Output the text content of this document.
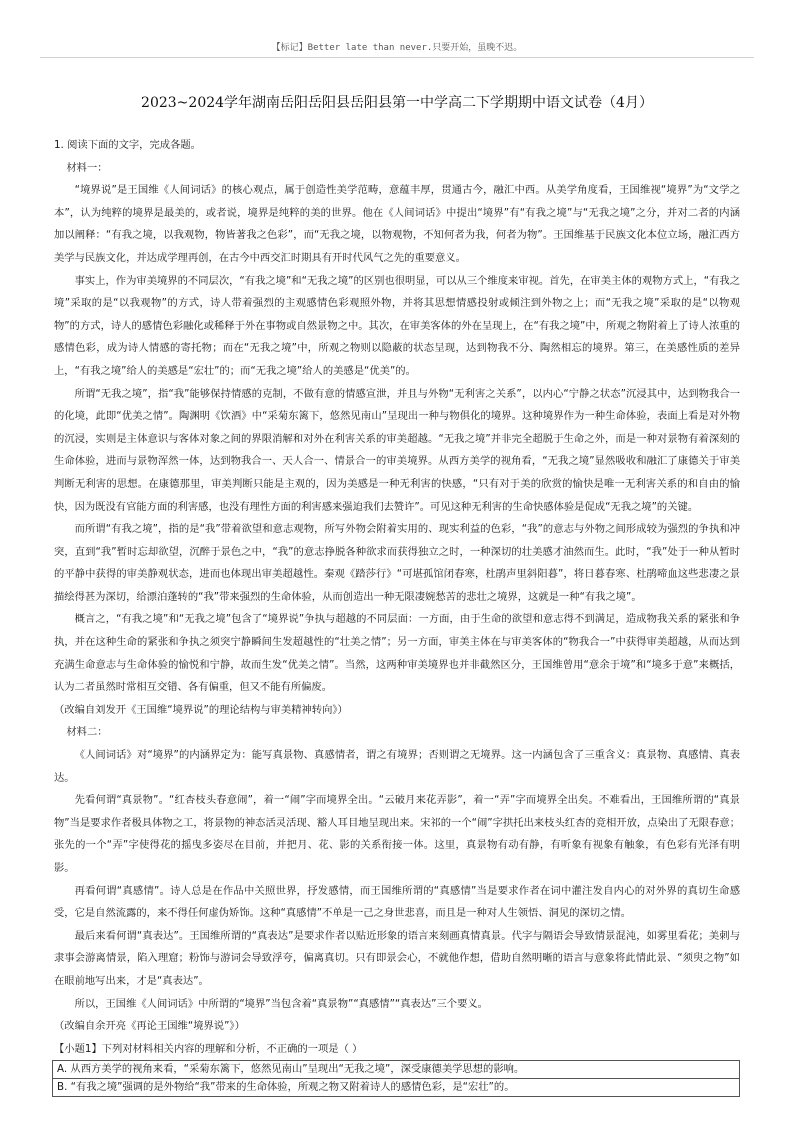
【标记】Better late than never.只要开始，虽晚不迟。
2023~2024学年湖南岳阳岳阳县岳阳县第一中学高二下学期期中语文试卷（4月）

1. 阅读下面的文字，完成各题。

材料一：

“境界说”是王国维《人间词话》的核心观点，属于创造性美学范畴，意蕴丰厚，贯通古今，融汇中西。从美学角度看，王国维视“境界”为“文学之本”，认为纯粹的境界是最美的，或者说，境界是纯粹的美的世界。他在《人间词话》中提出“境界”有“有我之境”与“无我之境”之分，并对二者的内涵加以阐释：“有我之境，以我观物，物皆著我之色彩”，而“无我之境，以物观物，不知何者为我，何者为物”。王国维基于民族文化本位立场，融汇西方美学与民族文化，并达成学理再创，在古今中西交汇时期具有开时代风气之先的重要意义。

事实上，作为审美境界的不同层次，“有我之境”和“无我之境”的区别也很明显，可以从三个维度来审视。首先，在审美主体的观物方式上，“有我之境”采取的是“以我观物”的方式，诗人带着强烈的主观感情色彩观照外物，并将其思想情感投射或倾注到外物之上；而“无我之境”采取的是“以物观物”的方式，诗人的感情色彩融化或稀释于外在事物或自然景物之中。其次，在审美客体的外在呈现上，在“有我之境”中，所观之物附着上了诗人浓重的感情色彩，成为诗人情感的寄托物；而在“无我之境”中，所观之物则以隐蔽的状态呈现，达到物我不分、陶然相忘的境界。第三，在美感性质的差异上，“有我之境”给人的美感是“宏壮”的；而“无我之境”给人的美感是“优美”的。

所谓“无我之境”，指“我”能够保持情感的克制，不做有意的情感宣泄，并且与外物“无利害之关系”，以内心“宁静之状态”沉浸其中，达到物我合一的化境，此即“优美之情”。陶渊明《饮酒》中“采菊东篱下，悠然见南山”呈现出一种与物俱化的境界。这种境界作为一种生命体验，表面上看是对外物的沉浸，实则是主体意识与客体对象之间的界限消解和对外在利害关系的审美超越。“无我之境”并非完全超脱于生命之外，而是一种对景物有着深刻的生命体验，进而与景物浑然一体，达到物我合一、天人合一、情景合一的审美境界。从西方美学的视角看，“无我之境”显然吸收和融汇了康德关于审美判断无利害的思想。在康德那里，审美判断只能是主观的，因为美感是一种无利害的快感，“只有对于美的欣赏的愉快是唯一无利害关系的和自由的愉快，因为既没有官能方面的利害感，也没有理性方面的利害感来强迫我们去赞许”。可见这种无利害的生命快感体验是促成“无我之境”的关键。

而所谓“有我之境”，指的是“我”带着欲望和意志观物，所写外物会附着实用的、现实利益的色彩，“我”的意志与外物之间形成较为强烈的争执和冲突，直到“我”暂时忘却欲望，沉醉于景色之中，“我”的意志挣脱各种欲求而获得独立之时，一种深切的壮美感才油然而生。此时，“我”处于一种从暂时的平静中获得的审美静观状态，进而也体现出审美超越性。秦观《踏莎行》“可堪孤馆闭春寒，杜鹃声里斜阳暮”，将日暮春寒、杜鹃啼血这些悲凄之景描绘得甚为深切，给漂泊蓬转的“我”带来强烈的生命体验，从而创造出一种无限凄婉愁苦的悲壮之境界，这就是一种“有我之境”。

概言之，“有我之境”和“无我之境”包含了“境界说”争执与超越的不同层面：一方面，由于生命的欲望和意志得不到满足，造成物我关系的紧张和争执，并在这种生命的紧张和争执之须突宁静瞬间生发超越性的“壮美之情”；另一方面，审美主体在与审美客体的“物我合一”中获得审美超越，从而达到充满生命意志与生命体验的愉悦和宁静，故而生发“优美之情”。当然，这两种审美境界也并非截然区分，王国维曾用“意余于境”和“境多于意”来概括，认为二者虽然时常相互交错、各有偏重，但又不能有所偏废。

（改编自刘发开《王国维“境界说”的理论结构与审美精神转向》）

材料二：

《人间词话》对“境界”的内涵界定为：能写真景物、真感情者，谓之有境界；否则谓之无境界。这一内涵包含了三重含义：真景物、真感情、真表达。

先看何谓“真景物”。“红杏枝头春意闹”，着一“闹”字而境界全出。“云破月来花弄影”，着一“弄”字而境界全出矣。不难看出，王国维所谓的“真景物”当是要求作者极具体物之工，将景物的神态活灵活现、豁人耳目地呈现出来。宋祁的一个“闹”字拱托出来枝头红杏的竞相开放，点染出了无限春意；张先的一个“弄”字使得花的摇曳多姿尽在目前，并把月、花、影的关系衔接一体。这里，真景物有动有静，有听象有视象有触象，有色彩有光泽有明影。

再看何谓“真感情”。诗人总是在作品中关照世界，抒发感情，而王国维所谓的“真感情”当是要求作者在词中灌注发自内心的对外界的真切生命感受，它是自然流露的，来不得任何虚伪矫饰。这种“真感情”不单是一己之身世悲喜，而且是一种对人生领悟、洞见的深切之情。

最后来看何谓“真表达”。王国维所谓的“真表达”是要求作者以贴近形象的语言来刻画真情真景。代字与隔语会导致情景混沌，如雾里看花；美刺与隶事会游离情景，陷入理窟；粉饰与游词会导致浮夸，偏离真切。只有即景会心，不就他作想，借助自然明晰的语言与意象将此情此景、“须臾之物”如在眼前地写出来，才是“真表达”。

所以，王国维《人间词话》中所谓的“境界”当包含着“真景物”“真感情”“真表达”三个要义。

（改编自余开亮《再论王国维“境界说”》）

【小题1】下列对材料相关内容的理解和分析，不正确的一项是（ ）

A. 从西方美学的视角来看，“采菊东篱下，悠然见南山”呈现出“无我之境”，深受康德美学思想的影响。
B. “有我之境”强调的是外物给“我”带来的生命体验，所观之物又附着诗人的感情色彩，是“宏壮”的。
